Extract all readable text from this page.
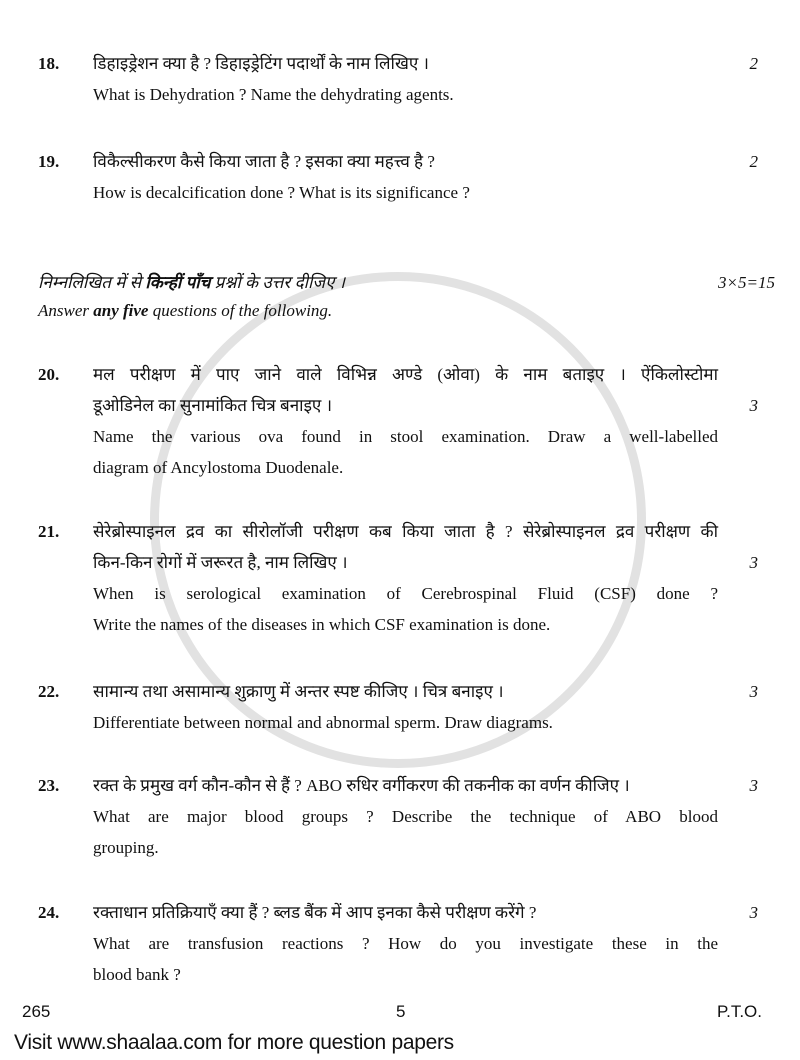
18.	डिहाइड्रेशन क्या है ? डिहाइड्रेटिंग पदार्थों के नाम लिखिए ।	2
What is Dehydration ? Name the dehydrating agents.
19.	विकैल्सीकरण कैसे किया जाता है ? इसका क्या महत्त्व है ?	2
How is decalcification done ? What is its significance ?
निम्नलिखित में से किन्हीं पाँच प्रश्नों के उत्तर दीजिए ।	3×5=15
Answer any five questions of the following.
20.	मल परीक्षण में पाए जाने वाले विभिन्न अण्डे (ओवा) के नाम बताइए । ऐंकिलोस्टोमा
डूओडिनेल का सुनामांकित चित्र बनाइए ।	3
Name the various ova found in stool examination. Draw a well-labelled
diagram of Ancylostoma Duodenale.
21.	सेरेब्रोस्पाइनल द्रव का सीरोलॉजी परीक्षण कब किया जाता है ? सेरेब्रोस्पाइनल द्रव परीक्षण की
किन-किन रोगों में जरूरत है, नाम लिखिए ।	3
When is serological examination of Cerebrospinal Fluid (CSF) done ?
Write the names of the diseases in which CSF examination is done.
22.	सामान्य तथा असामान्य शुक्राणु में अन्तर स्पष्ट कीजिए । चित्र बनाइए ।	3
Differentiate between normal and abnormal sperm. Draw diagrams.
23.	रक्त के प्रमुख वर्ग कौन-कौन से हैं ? ABO रुधिर वर्गीकरण की तकनीक का वर्णन कीजिए ।	3
What are major blood groups ? Describe the technique of ABO blood
grouping.
24.	रक्ताधान प्रतिक्रियाएँ क्या हैं ? ब्लड बैंक में आप इनका कैसे परीक्षण करेंगे ?	3
What are transfusion reactions ? How do you investigate these in the
blood bank ?
265	5	P.T.O.
Visit www.shaalaa.com for more question papers
